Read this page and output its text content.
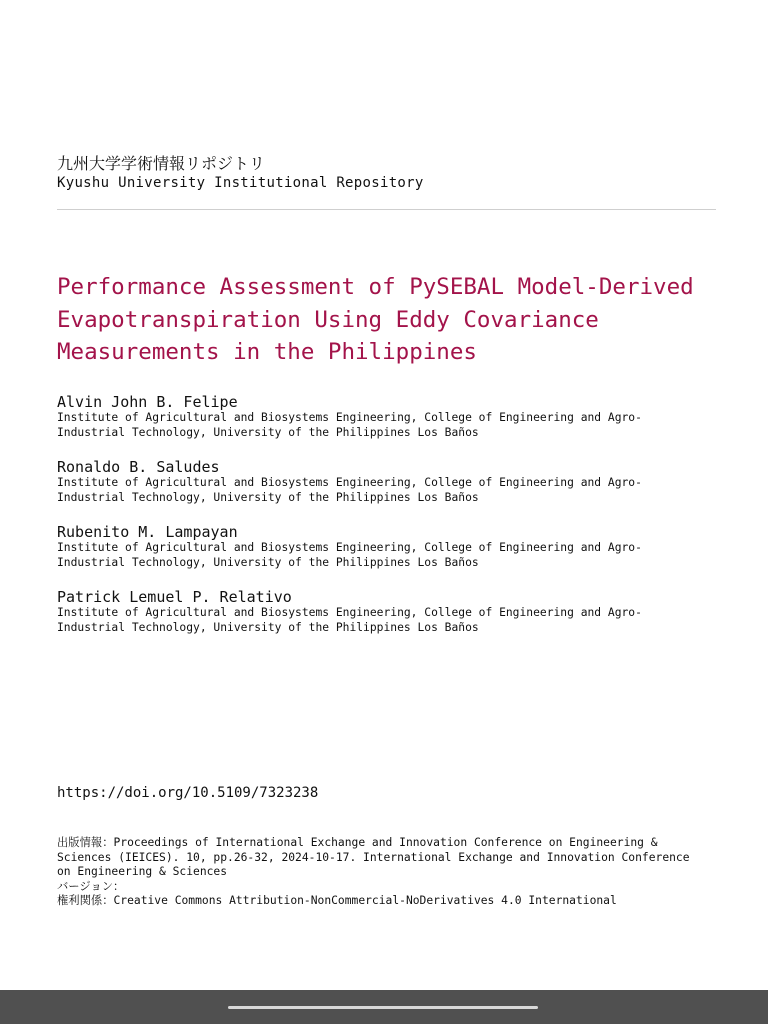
九州大学学術情報リポジトリ

Kyushu University Institutional Repository

Performance Assessment of PySEBAL Model-Derived
Evapotranspiration Using Eddy Covariance
Measurements in the Philippines

Alvin John B. Felipe

Institute of Agricultural and Biosystems Engineering, College of Engineering and Agro-

Industrial Technology, University of the Philippines Los Baños

Ronaldo B. Saludes

Institute of Agricultural and Biosystems Engineering, College of Engineering and Agro-

Industrial Technology, University of the Philippines Los Baños

Rubenito M. Lampayan

Institute of Agricultural and Biosystems Engineering, College of Engineering and Agro-

Industrial Technology, University of the Philippines Los Baños

Patrick Lemuel P. Relativo

Institute of Agricultural and Biosystems Engineering, College of Engineering and Agro-

Industrial Technology, University of the Philippines Los Baños

https://doi.org/10.5109/7323238

出版情報：Proceedings of International Exchange and Innovation Conference on Engineering &

Sciences (IEICES). 10, pp.26-32, 2024-10-17. International Exchange and Innovation Conference

on Engineering & Sciences

バージョン：

権利関係：Creative Commons Attribution-NonCommercial-NoDerivatives 4.0 International
